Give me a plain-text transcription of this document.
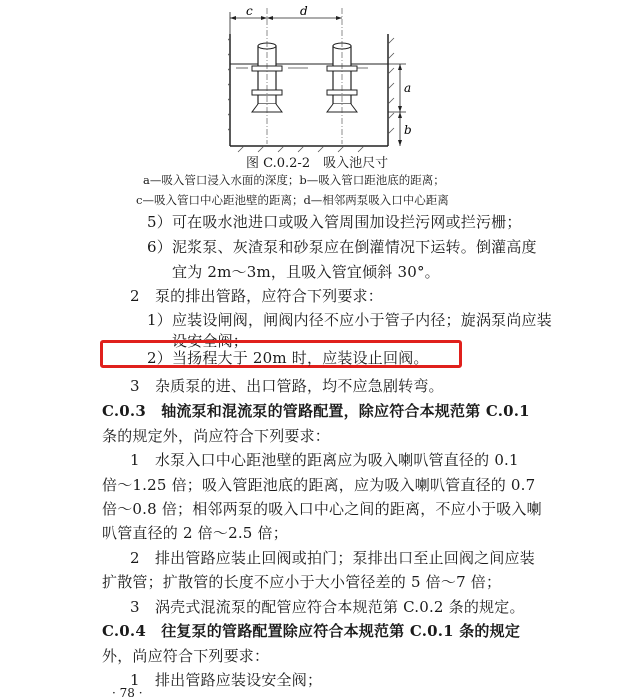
c	d
a
b
图 C.0.2-2　吸入池尺寸
a—吸入管口浸入水面的深度；b—吸入管口距池底的距离；
c—吸入管口中心距池壁的距离；d—相邻两泵吸入口中心距离
5）可在吸水池进口或吸入管周围加设拦污网或拦污栅；
6）泥浆泵、灰渣泵和砂泵应在倒灌情况下运转。倒灌高度
宜为 2m～3m，且吸入管宜倾斜 30°。
2　泵的排出管路，应符合下列要求：
1）应装设闸阀，闸阀内径不应小于管子内径；旋涡泵尚应装
设安全阀；
2）当扬程大于 20m 时，应装设止回阀。
3　杂质泵的进、出口管路，均不应急剧转弯。
C.0.3　轴流泵和混流泵的管路配置，除应符合本规范第 C.0.1
条的规定外，尚应符合下列要求：
1　水泵入口中心距池壁的距离应为吸入喇叭管直径的 0.1
倍～1.25 倍；吸入管距池底的距离，应为吸入喇叭管直径的 0.7
倍～0.8 倍；相邻两泵的吸入口中心之间的距离，不应小于吸入喇
叭管直径的 2 倍～2.5 倍；
2　排出管路应装止回阀或拍门；泵排出口至止回阀之间应装
扩散管；扩散管的长度不应小于大小管径差的 5 倍～7 倍；
3　涡壳式混流泵的配管应符合本规范第 C.0.2 条的规定。
C.0.4　往复泵的管路配置除应符合本规范第 C.0.1 条的规定
外，尚应符合下列要求：
1　排出管路应装设安全阀；
· 78 ·
